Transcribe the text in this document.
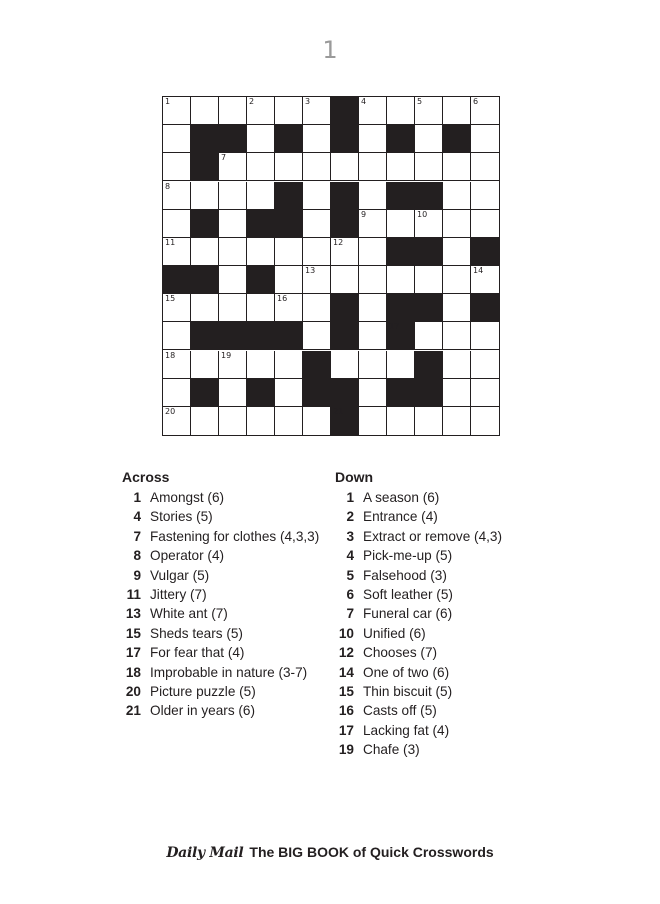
1
1	2	3	4	5	6
7
8
9	10
11	12
13	14
15	16
17
18	19
20	21
Across
1 Amongst (6)
4 Stories (5)
7 Fastening for clothes (4,3,3)
8 Operator (4)
9 Vulgar (5)
11 Jittery (7)
13 White ant (7)
15 Sheds tears (5)
17 For fear that (4)
18 Improbable in nature (3-7)
20 Picture puzzle (5)
21 Older in years (6)
Down
1 A season (6)
2 Entrance (4)
3 Extract or remove (4,3)
4 Pick-me-up (5)
5 Falsehood (3)
6 Soft leather (5)
7 Funeral car (6)
10 Unified (6)
12 Chooses (7)
14 One of two (6)
15 Thin biscuit (5)
16 Casts off (5)
17 Lacking fat (4)
19 Chafe (3)
Daily Mail The BIG BOOK of Quick Crosswords
